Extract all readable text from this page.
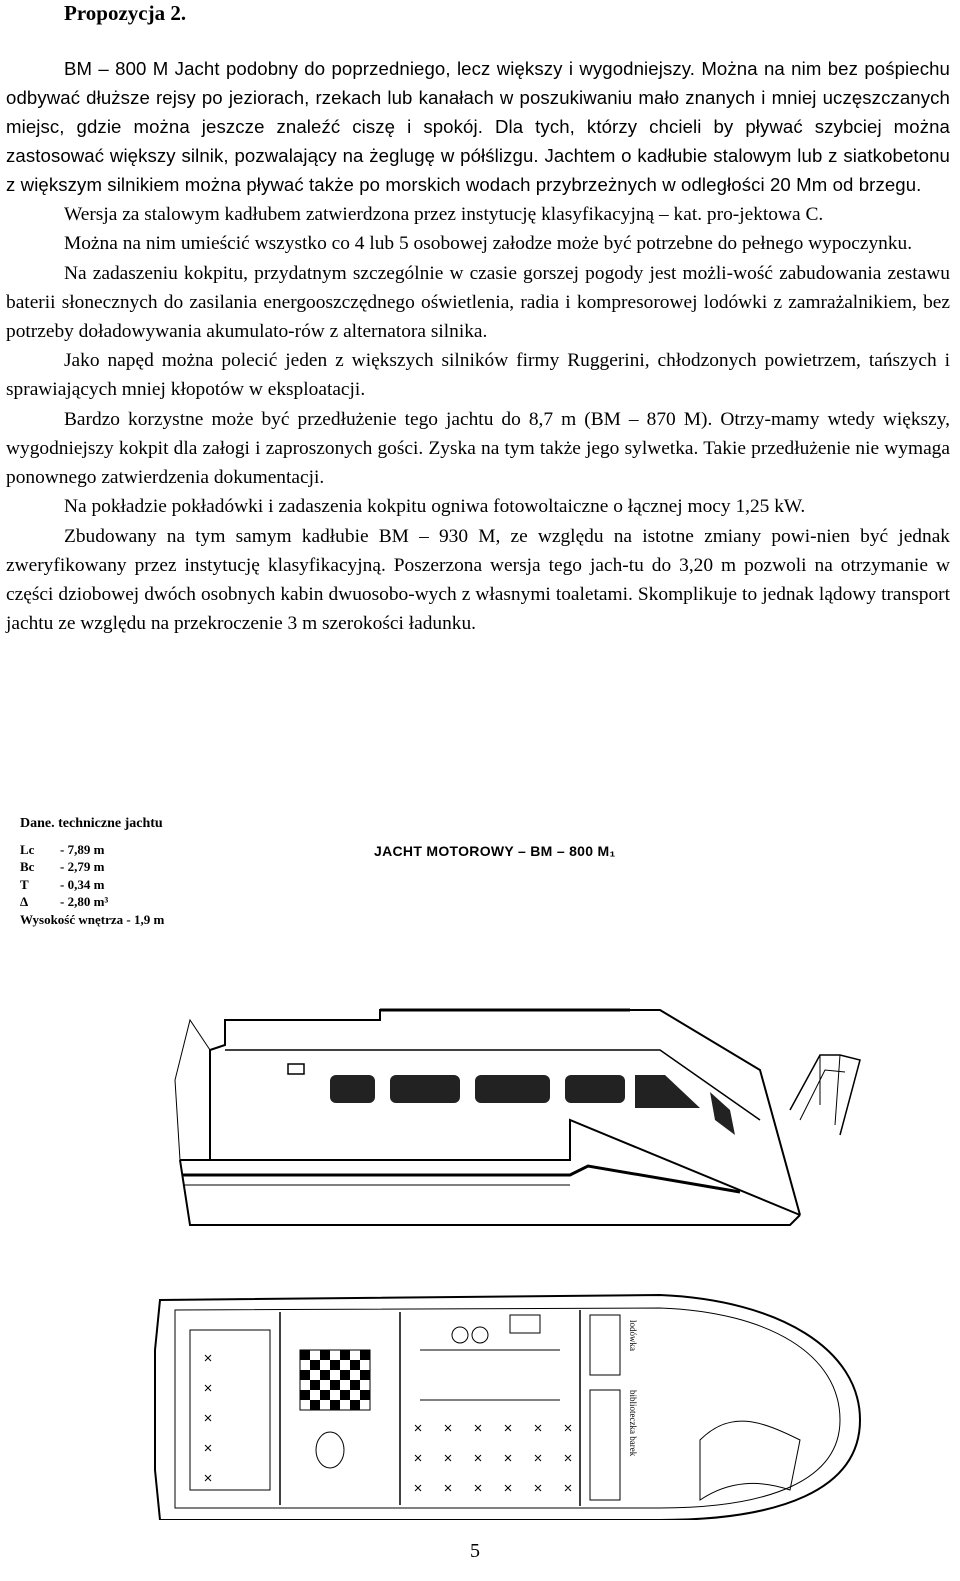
Propozycja 2.

BM – 800 M Jacht podobny do poprzedniego, lecz większy i wygodniejszy. Można na nim bez pośpiechu odbywać dłuższe rejsy po jeziorach, rzekach lub kanałach w poszukiwaniu mało znanych i mniej uczęszczanych miejsc, gdzie można jeszcze znaleźć ciszę i spokój. Dla tych, którzy chcieli by pływać szybciej można zastosować większy silnik, pozwalający na żeglugę w półślizgu. Jachtem o kadłubie stalowym lub z siatkobetonu z większym silnikiem można pływać także po morskich wodach przybrzeżnych w odległości 20 Mm od brzegu.

Wersja za stalowym kadłubem zatwierdzona przez instytucję klasyfikacyjną – kat. pro-jektowa C.

Można na nim umieścić wszystko co 4 lub 5 osobowej załodze może być potrzebne do pełnego wypoczynku.

Na zadaszeniu kokpitu, przydatnym szczególnie w czasie gorszej pogody jest możli-wość zabudowania zestawu baterii słonecznych do zasilania energooszczędnego oświetlenia, radia i kompresorowej lodówki z zamrażalnikiem, bez potrzeby doładowywania akumulato-rów z alternatora silnika.

Jako napęd można polecić jeden z większych silników firmy Ruggerini, chłodzonych powietrzem, tańszych i sprawiających mniej kłopotów w eksploatacji.

Bardzo korzystne może być przedłużenie tego jachtu do 8,7 m (BM – 870 M). Otrzy-mamy wtedy większy, wygodniejszy kokpit dla załogi i zaproszonych gości. Zyska na tym także jego sylwetka. Takie przedłużenie nie wymaga ponownego zatwierdzenia dokumentacji.

Na pokładzie pokładówki i zadaszenia kokpitu ogniwa fotowoltaiczne o łącznej mocy 1,25 kW.

Zbudowany na tym samym kadłubie BM – 930 M, ze względu na istotne zmiany powi-nien być jednak zweryfikowany przez instytucję klasyfikacyjną. Poszerzona wersja tego jach-tu do 3,20 m pozwoli na otrzymanie w części dziobowej dwóch osobnych kabin dwuosobo-wych z własnymi toaletami. Skomplikuje to jednak lądowy transport jachtu ze względu na przekroczenie 3 m szerokości ładunku.

Dane. techniczne jachtu
Lc - 7,89 m
Bc - 2,79 m
T - 0,34 m
Δ - 2,80 m³
Wysokość wnętrza - 1,9 m
JACHT MOTOROWY – BM – 800 M₁
lodówka
biblioteczka barek
5
